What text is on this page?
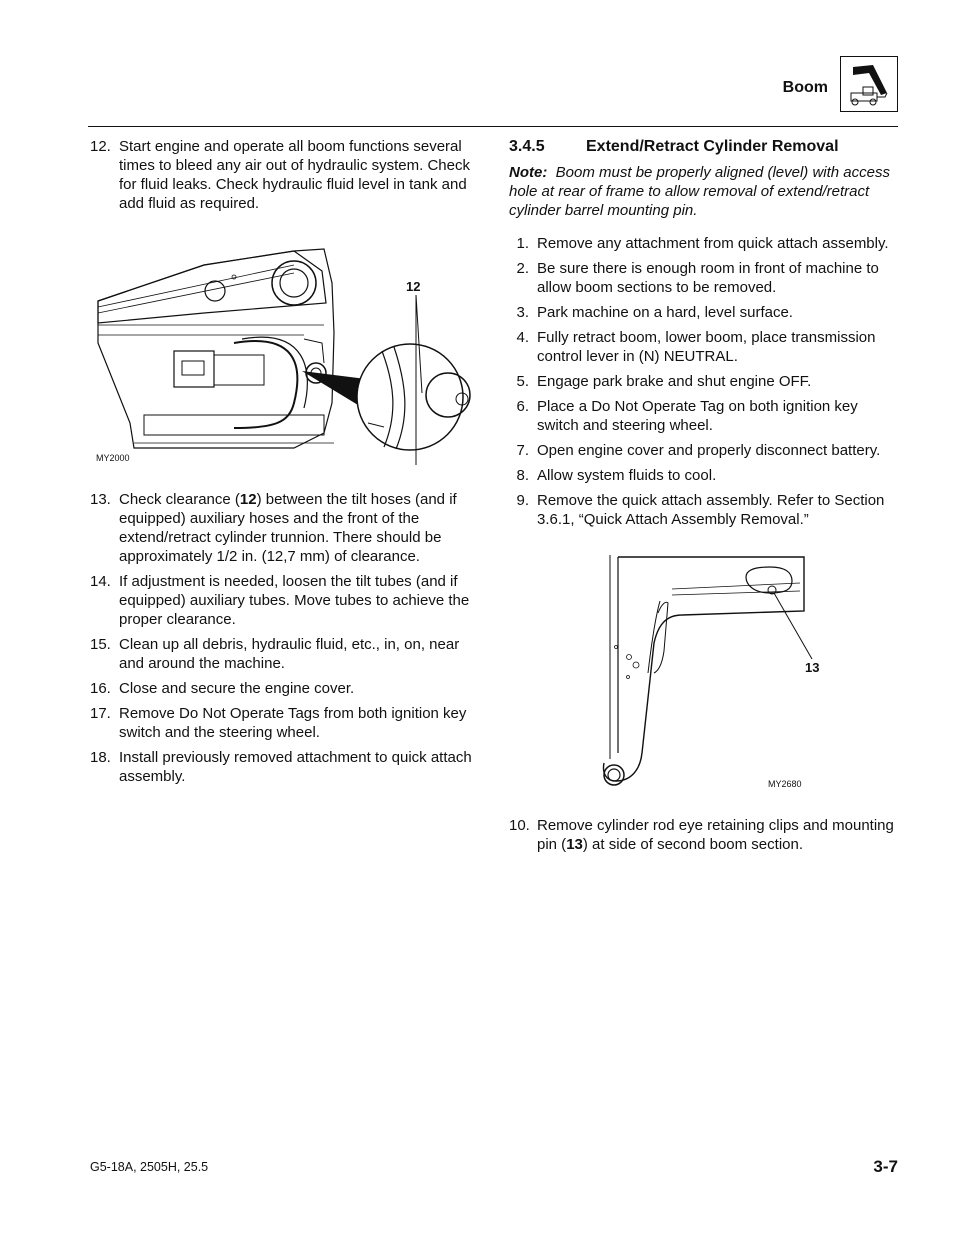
Boom
12. Start engine and operate all boom functions several times to bleed any air out of hydraulic system. Check for fluid leaks. Check hydraulic fluid level in tank and add fluid as required.
12
MY2000
13. Check clearance (12) between the tilt hoses (and if equipped) auxiliary hoses and the front of the extend/retract cylinder trunnion. There should be approximately 1/2 in. (12,7 mm) of clearance.
14. If adjustment is needed, loosen the tilt tubes (and if equipped) auxiliary tubes. Move tubes to achieve the proper clearance.
15. Clean up all debris, hydraulic fluid, etc., in, on, near and around the machine.
16. Close and secure the engine cover.
17. Remove Do Not Operate Tags from both ignition key switch and the steering wheel.
18. Install previously removed attachment to quick attach assembly.
3.4.5	Extend/Retract Cylinder Removal
Note: Boom must be properly aligned (level) with access hole at rear of frame to allow removal of extend/retract cylinder barrel mounting pin.
1. Remove any attachment from quick attach assembly.
2. Be sure there is enough room in front of machine to allow boom sections to be removed.
3. Park machine on a hard, level surface.
4. Fully retract boom, lower boom, place transmission control lever in (N) NEUTRAL.
5. Engage park brake and shut engine OFF.
6. Place a Do Not Operate Tag on both ignition key switch and steering wheel.
7. Open engine cover and properly disconnect battery.
8. Allow system fluids to cool.
9. Remove the quick attach assembly. Refer to Section 3.6.1, “Quick Attach Assembly Removal.”
13
MY2680
10. Remove cylinder rod eye retaining clips and mounting pin (13) at side of second boom section.
G5-18A, 2505H, 25.5	3-7
